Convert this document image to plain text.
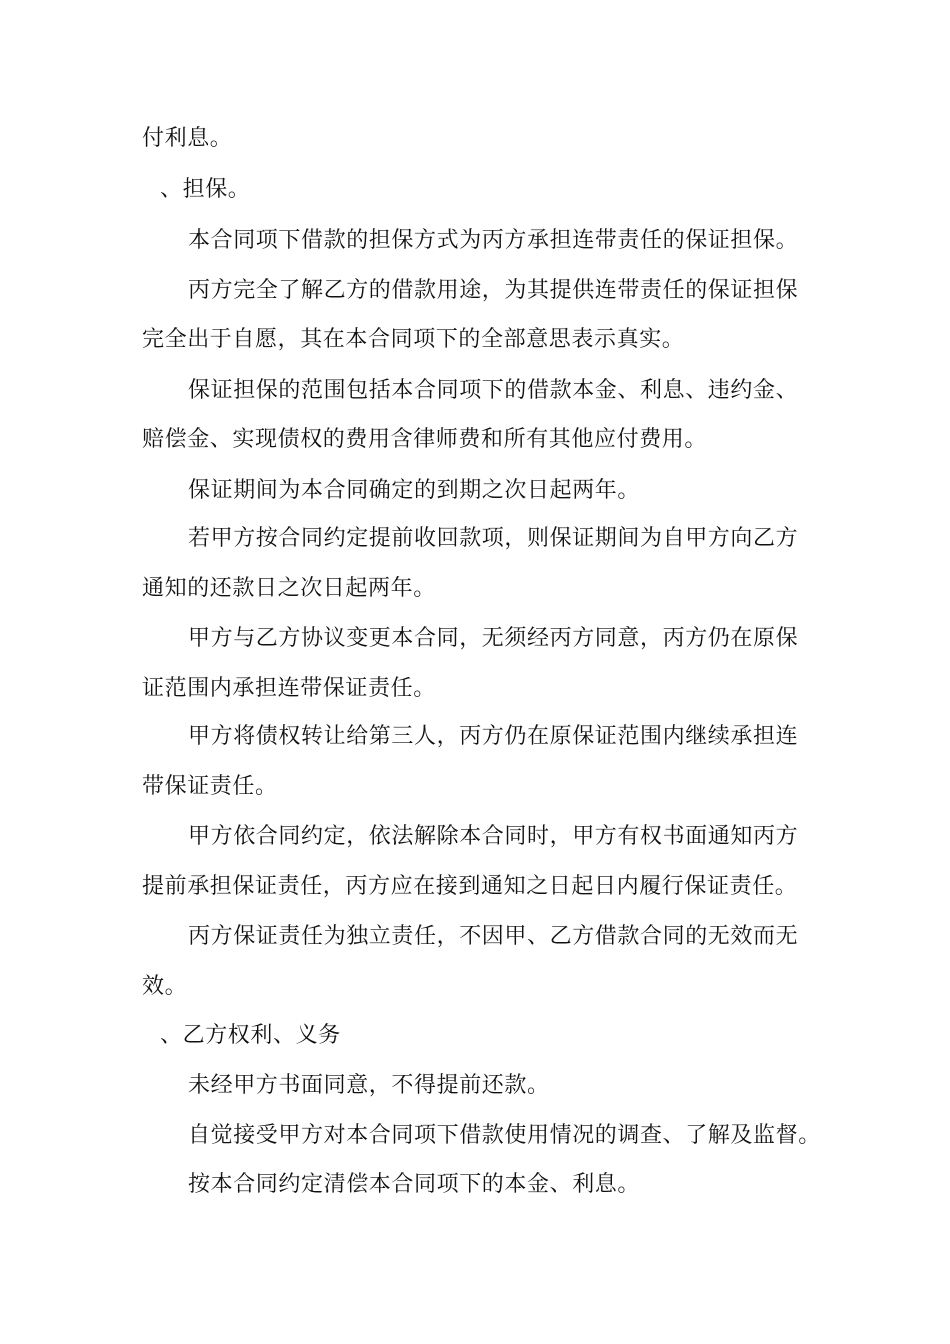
付利息。
、担保。
本合同项下借款的担保方式为丙方承担连带责任的保证担保。
丙方完全了解乙方的借款用途，为其提供连带责任的保证担保
完全出于自愿，其在本合同项下的全部意思表示真实。
保证担保的范围包括本合同项下的借款本金、利息、违约金、
赔偿金、实现债权的费用含律师费和所有其他应付费用。
保证期间为本合同确定的到期之次日起两年。
若甲方按合同约定提前收回款项，则保证期间为自甲方向乙方
通知的还款日之次日起两年。
甲方与乙方协议变更本合同，无须经丙方同意，丙方仍在原保
证范围内承担连带保证责任。
甲方将债权转让给第三人，丙方仍在原保证范围内继续承担连
带保证责任。
甲方依合同约定，依法解除本合同时，甲方有权书面通知丙方
提前承担保证责任，丙方应在接到通知之日起日内履行保证责任。
丙方保证责任为独立责任，不因甲、乙方借款合同的无效而无
效。
、乙方权利、义务
未经甲方书面同意，不得提前还款。
自觉接受甲方对本合同项下借款使用情况的调查、了解及监督。
按本合同约定清偿本合同项下的本金、利息。
